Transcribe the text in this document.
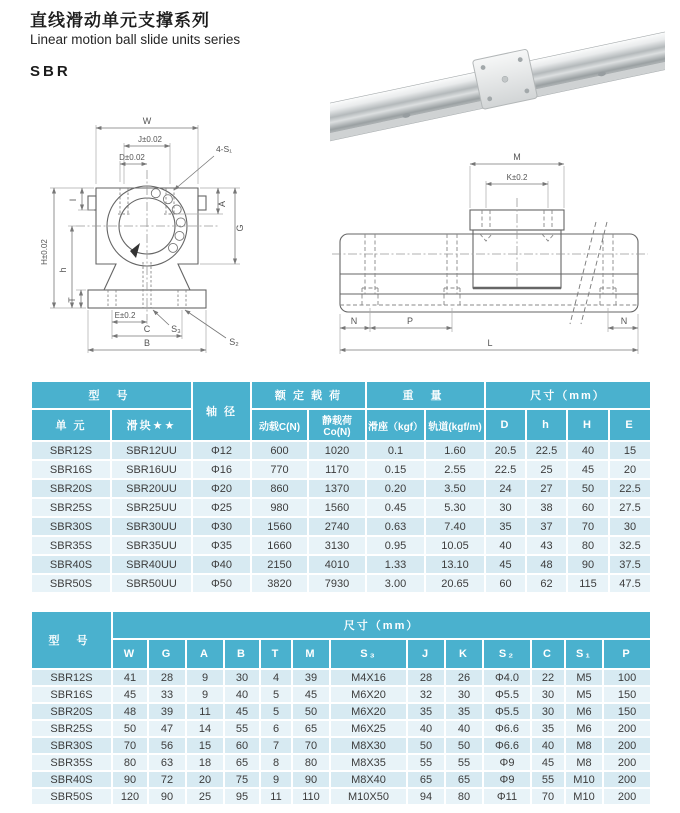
直线滑动单元支撑系列
Linear motion ball slide units series
SBR
W
J±0.02
D±0.02
4-S₁
A
G
H±0.02
h
I
T
E±0.2
C
B
S₃
S₂
M
K±0.2
N	P	N
L
型 号		轴 径	额 定 载 荷		重 量		尺寸（mm）			
单 元	滑块★★		动载C(N)	静载荷Co(N)	滑座（kgf）	轨道(kgf/m)	D	h	H	E
SBR12S	SBR12UU	Φ12	600	1020	0.1	1.60	20.5	22.5	40	15
SBR16S	SBR16UU	Φ16	770	1170	0.15	2.55	22.5	25	45	20
SBR20S	SBR20UU	Φ20	860	1370	0.20	3.50	24	27	50	22.5
SBR25S	SBR25UU	Φ25	980	1560	0.45	5.30	30	38	60	27.5
SBR30S	SBR30UU	Φ30	1560	2740	0.63	7.40	35	37	70	30
SBR35S	SBR35UU	Φ35	1660	3130	0.95	10.05	40	43	80	32.5
SBR40S	SBR40UU	Φ40	2150	4010	1.33	13.10	45	48	90	37.5
SBR50S	SBR50UU	Φ50	3820	7930	3.00	20.65	60	62	115	47.5
型 号	尺寸（mm）												
	W	G	A	B	T	M	S₃	J	K	S₂	C	S₁	P
SBR12S	41	28	9	30	4	39	M4X16	28	26	Φ4.0	22	M5	100
SBR16S	45	33	9	40	5	45	M6X20	32	30	Φ5.5	30	M5	150
SBR20S	48	39	11	45	5	50	M6X20	35	35	Φ5.5	30	M6	150
SBR25S	50	47	14	55	6	65	M6X25	40	40	Φ6.6	35	M6	200
SBR30S	70	56	15	60	7	70	M8X30	50	50	Φ6.6	40	M8	200
SBR35S	80	63	18	65	8	80	M8X35	55	55	Φ9	45	M8	200
SBR40S	90	72	20	75	9	90	M8X40	65	65	Φ9	55	M10	200
SBR50S	120	90	25	95	11	110	M10X50	94	80	Φ11	70	M10	200
